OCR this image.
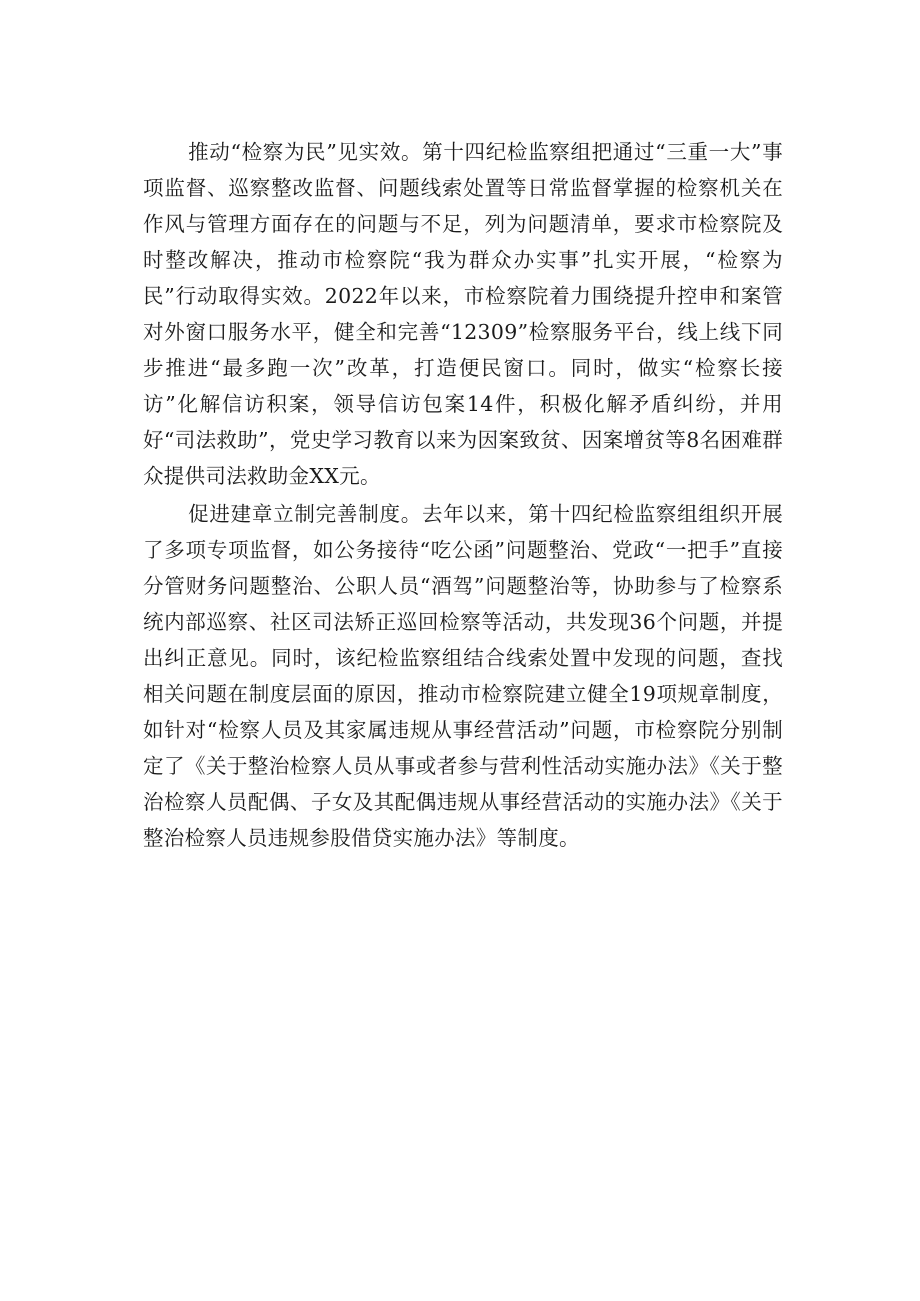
推动“检察为民”见实效。第十四纪检监察组把通过“三重一大”事项监督、巡察整改监督、问题线索处置等日常监督掌握的检察机关在作风与管理方面存在的问题与不足，列为问题清单，要求市检察院及时整改解决，推动市检察院“我为群众办实事”扎实开展，“检察为民”行动取得实效。2022年以来，市检察院着力围绕提升控申和案管对外窗口服务水平，健全和完善“12309”检察服务平台，线上线下同步推进“最多跑一次”改革，打造便民窗口。同时，做实“检察长接访”化解信访积案，领导信访包案14件，积极化解矛盾纠纷，并用好“司法救助”，党史学习教育以来为因案致贫、因案增贫等8名困难群众提供司法救助金XX元。

促进建章立制完善制度。去年以来，第十四纪检监察组组织开展了多项专项监督，如公务接待“吃公函”问题整治、党政“一把手”直接分管财务问题整治、公职人员“酒驾”问题整治等，协助参与了检察系统内部巡察、社区司法矫正巡回检察等活动，共发现36个问题，并提出纠正意见。同时，该纪检监察组结合线索处置中发现的问题，查找相关问题在制度层面的原因，推动市检察院建立健全19项规章制度，如针对“检察人员及其家属违规从事经营活动”问题，市检察院分别制定了《关于整治检察人员从事或者参与营利性活动实施办法》《关于整治检察人员配偶、子女及其配偶违规从事经营活动的实施办法》《关于整治检察人员违规参股借贷实施办法》等制度。
